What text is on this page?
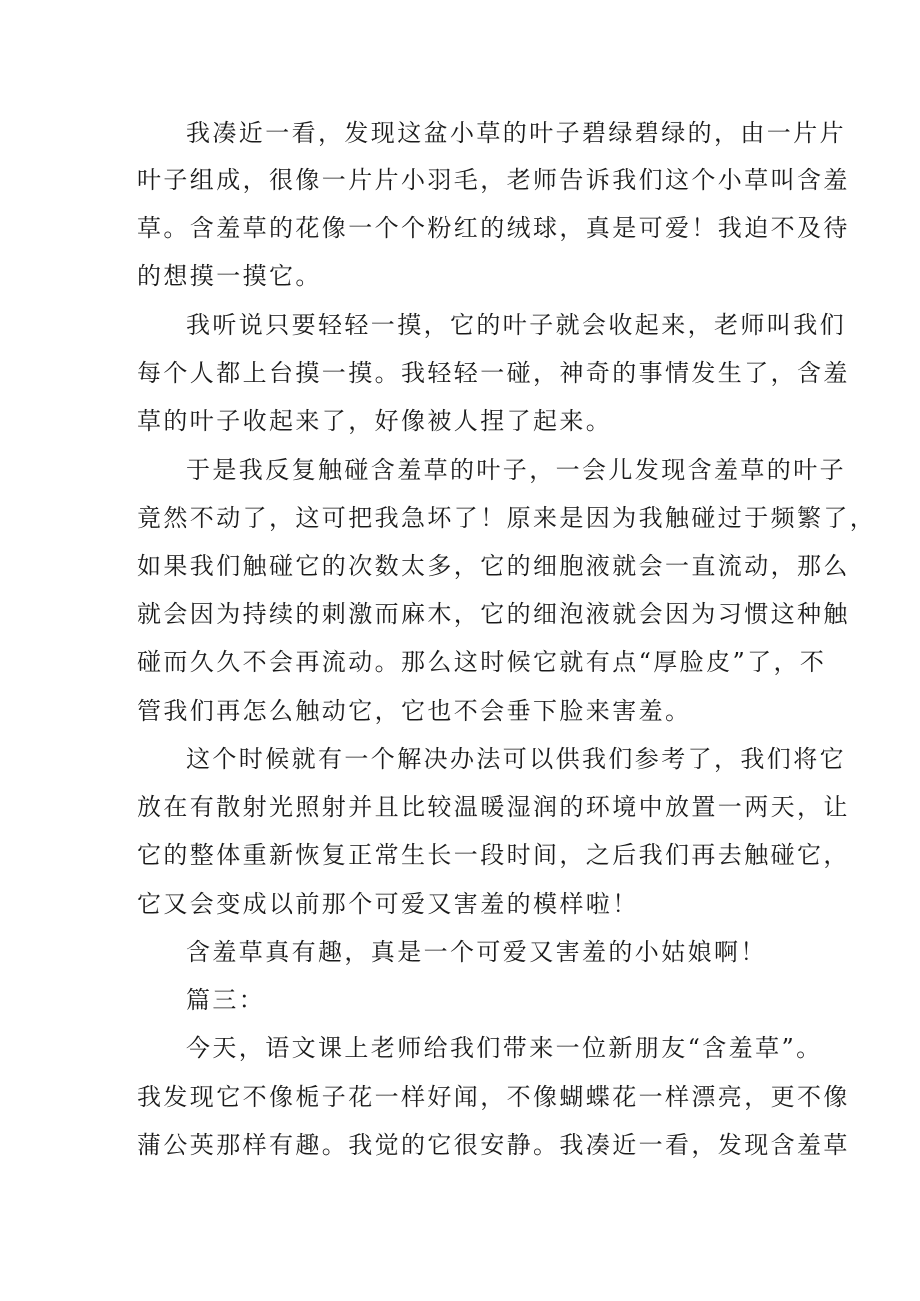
我凑近一看，发现这盆小草的叶子碧绿碧绿的，由一片片
叶子组成，很像一片片小羽毛，老师告诉我们这个小草叫含羞
草。含羞草的花像一个个粉红的绒球，真是可爱！我迫不及待
的想摸一摸它。
我听说只要轻轻一摸，它的叶子就会收起来，老师叫我们
每个人都上台摸一摸。我轻轻一碰，神奇的事情发生了，含羞
草的叶子收起来了，好像被人捏了起来。
于是我反复触碰含羞草的叶子，一会儿发现含羞草的叶子
竟然不动了，这可把我急坏了！原来是因为我触碰过于频繁了，
如果我们触碰它的次数太多，它的细胞液就会一直流动，那么
就会因为持续的刺激而麻木，它的细泡液就会因为习惯这种触
碰而久久不会再流动。那么这时候它就有点“厚脸皮”了，不
管我们再怎么触动它，它也不会垂下脸来害羞。
这个时候就有一个解决办法可以供我们参考了，我们将它
放在有散射光照射并且比较温暖湿润的环境中放置一两天，让
它的整体重新恢复正常生长一段时间，之后我们再去触碰它，
它又会变成以前那个可爱又害羞的模样啦！
含羞草真有趣，真是一个可爱又害羞的小姑娘啊！
篇三：
今天，语文课上老师给我们带来一位新朋友“含羞草”。
我发现它不像栀子花一样好闻，不像蝴蝶花一样漂亮，更不像
蒲公英那样有趣。我觉的它很安静。我凑近一看，发现含羞草
